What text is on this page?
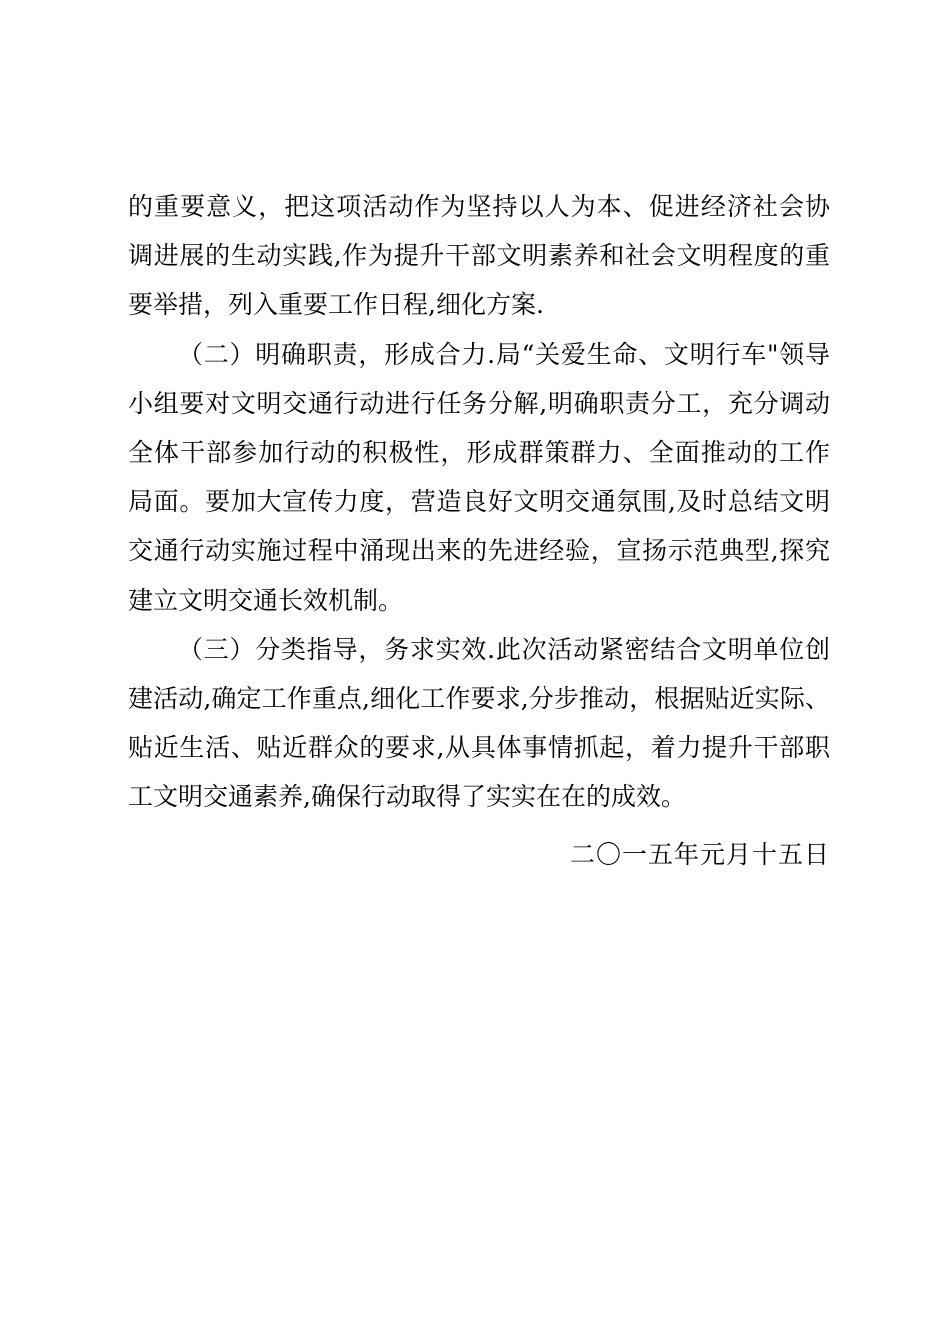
的重要意义，把这项活动作为坚持以人为本、促进经济社会协
调进展的生动实践,作为提升干部文明素养和社会文明程度的重
要举措，列入重要工作日程,细化方案.
（二）明确职责，形成合力.局“关爱生命、文明行车"领导
小组要对文明交通行动进行任务分解,明确职责分工，充分调动
全体干部参加行动的积极性，形成群策群力、全面推动的工作
局面。要加大宣传力度，营造良好文明交通氛围,及时总结文明
交通行动实施过程中涌现出来的先进经验，宣扬示范典型,探究
建立文明交通长效机制。
（三）分类指导，务求实效.此次活动紧密结合文明单位创
建活动,确定工作重点,细化工作要求,分步推动，根据贴近实际、
贴近生活、贴近群众的要求,从具体事情抓起，着力提升干部职
工文明交通素养,确保行动取得了实实在在的成效。
二〇一五年元月十五日
